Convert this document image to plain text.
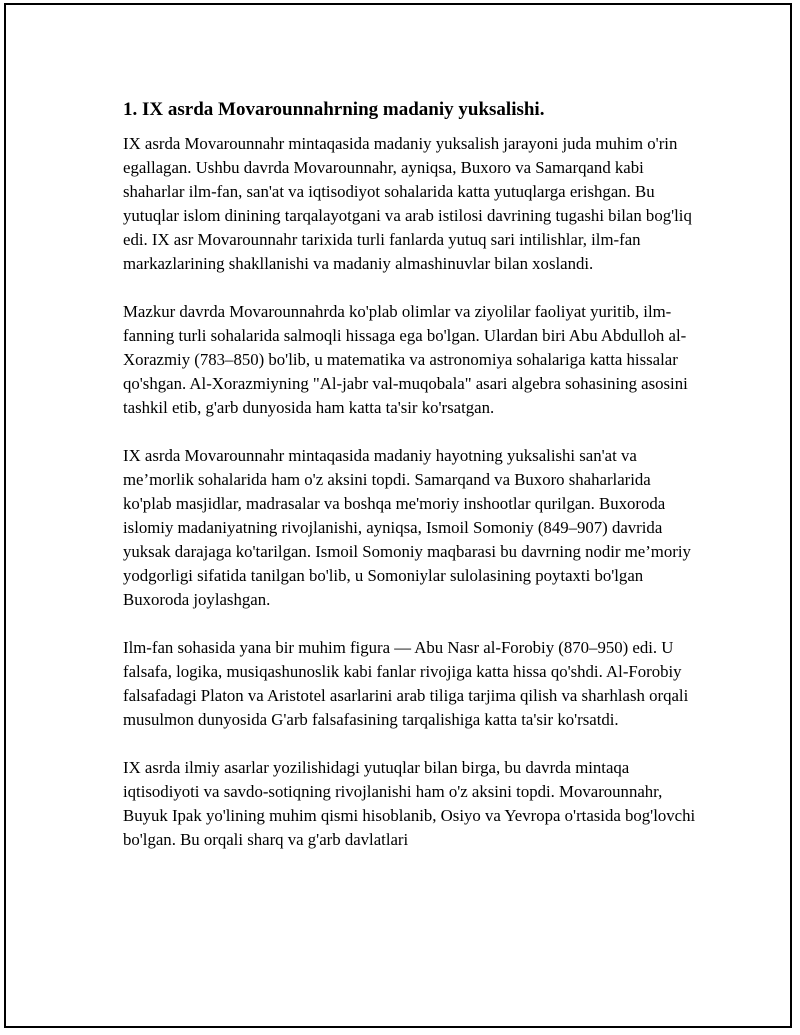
1. IX asrda Movarounnahrning madaniy yuksalishi.

IX asrda Movarounnahr mintaqasida madaniy yuksalish jarayoni juda muhim o'rin egallagan. Ushbu davrda Movarounnahr, ayniqsa, Buxoro va Samarqand kabi shaharlar ilm-fan, san'at va iqtisodiyot sohalarida katta yutuqlarga erishgan. Bu yutuqlar islom dinining tarqalayotgani va arab istilosi davrining tugashi bilan bog'liq edi. IX asr Movarounnahr tarixida turli fanlarda yutuq sari intilishlar, ilm-fan markazlarining shakllanishi va madaniy almashinuvlar bilan xoslandi.

Mazkur davrda Movarounnahrda ko'plab olimlar va ziyolilar faoliyat yuritib, ilm-fanning turli sohalarida salmoqli hissaga ega bo'lgan. Ulardan biri Abu Abdulloh al-Xorazmiy (783–850) bo'lib, u matematika va astronomiya sohalariga katta hissalar qo'shgan. Al-Xorazmiyning "Al-jabr val-muqobala" asari algebra sohasining asosini tashkil etib, g'arb dunyosida ham katta ta'sir ko'rsatgan.

IX asrda Movarounnahr mintaqasida madaniy hayotning yuksalishi san'at va me’morlik sohalarida ham o'z aksini topdi. Samarqand va Buxoro shaharlarida ko'plab masjidlar, madrasalar va boshqa me'moriy inshootlar qurilgan. Buxoroda islomiy madaniyatning rivojlanishi, ayniqsa, Ismoil Somoniy (849–907) davrida yuksak darajaga ko'tarilgan. Ismoil Somoniy maqbarasi bu davrning nodir me’moriy yodgorligi sifatida tanilgan bo'lib, u Somoniylar sulolasining poytaxti bo'lgan Buxoroda joylashgan.

Ilm-fan sohasida yana bir muhim figura — Abu Nasr al-Forobiy (870–950) edi. U falsafa, logika, musiqashunoslik kabi fanlar rivojiga katta hissa qo'shdi. Al-Forobiy falsafadagi Platon va Aristotel asarlarini arab tiliga tarjima qilish va sharhlash orqali musulmon dunyosida G'arb falsafasining tarqalishiga katta ta'sir ko'rsatdi.

IX asrda ilmiy asarlar yozilishidagi yutuqlar bilan birga, bu davrda mintaqa iqtisodiyoti va savdo-sotiqning rivojlanishi ham o'z aksini topdi. Movarounnahr, Buyuk Ipak yo'lining muhim qismi hisoblanib, Osiyo va Yevropa o'rtasida bog'lovchi bo'lgan. Bu orqali sharq va g'arb davlatlari
